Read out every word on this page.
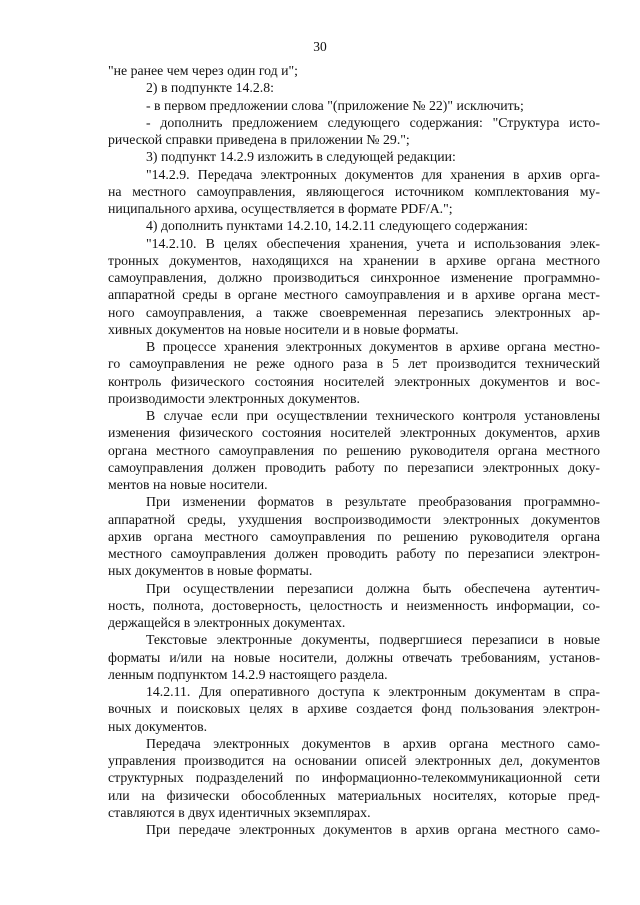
30
"не ранее чем через один год и";
2) в подпункте 14.2.8:
- в первом предложении слова "(приложение № 22)" исключить;
- дополнить предложением следующего содержания: "Структура исто-
рической справки приведена в приложении № 29.";
3) подпункт 14.2.9 изложить в следующей редакции:
"14.2.9. Передача электронных документов для хранения в архив орга-
на местного самоуправления, являющегося источником комплектования му-
ниципального архива, осуществляется в формате PDF/A.";
4) дополнить пунктами 14.2.10, 14.2.11 следующего содержания:
"14.2.10. В целях обеспечения хранения, учета и использования элек-
тронных документов, находящихся на хранении в архиве органа местного
самоуправления, должно производиться синхронное изменение программно-
аппаратной среды в органе местного самоуправления и в архиве органа мест-
ного самоуправления, а также своевременная перезапись электронных ар-
хивных документов на новые носители и в новые форматы.
В процессе хранения электронных документов в архиве органа местно-
го самоуправления не реже одного раза в 5 лет производится технический
контроль физического состояния носителей электронных документов и вос-
производимости электронных документов.
В случае если при осуществлении технического контроля установлены
изменения физического состояния носителей электронных документов, архив
органа местного самоуправления по решению руководителя органа местного
самоуправления должен проводить работу по перезаписи электронных доку-
ментов на новые носители.
При изменении форматов в результате преобразования программно-
аппаратной среды, ухудшения воспроизводимости электронных документов
архив органа местного самоуправления по решению руководителя органа
местного самоуправления должен проводить работу по перезаписи электрон-
ных документов в новые форматы.
При осуществлении перезаписи должна быть обеспечена аутентич-
ность, полнота, достоверность, целостность и неизменность информации, со-
держащейся в электронных документах.
Текстовые электронные документы, подвергшиеся перезаписи в новые
форматы и/или на новые носители, должны отвечать требованиям, установ-
ленным подпунктом 14.2.9 настоящего раздела.
14.2.11. Для оперативного доступа к электронным документам в спра-
вочных и поисковых целях в архиве создается фонд пользования электрон-
ных документов.
Передача электронных документов в архив органа местного само-
управления производится на основании описей электронных дел, документов
структурных подразделений по информационно-телекоммуникационной сети
или на физически обособленных материальных носителях, которые пред-
ставляются в двух идентичных экземплярах.
При передаче электронных документов в архив органа местного само-
